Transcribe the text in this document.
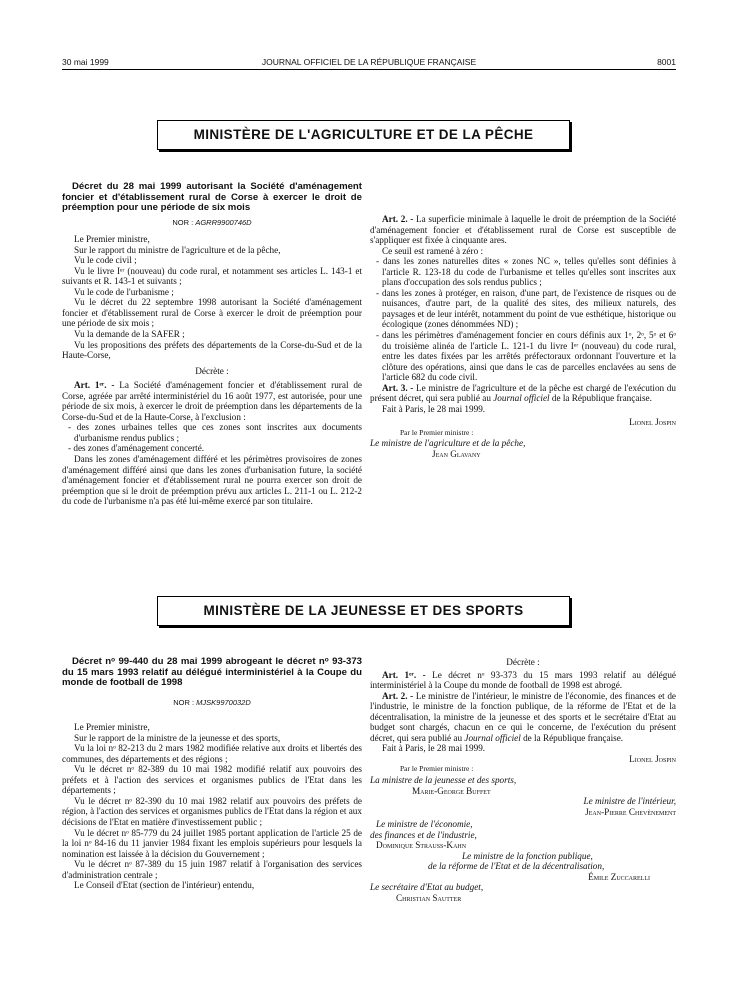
30 mai 1999	JOURNAL OFFICIEL DE LA RÉPUBLIQUE FRANÇAISE	8001
MINISTÈRE DE L'AGRICULTURE ET DE LA PÊCHE

Décret du 28 mai 1999 autorisant la Société d'aménagement foncier et d'établissement rural de Corse à exercer le droit de préemption pour une période de six mois

NOR : AGRR9900746D

Le Premier ministre,

Sur le rapport du ministre de l'agriculture et de la pêche,

Vu le code civil ;

Vu le livre Iᵉʳ (nouveau) du code rural, et notamment ses articles L. 143-1 et suivants et R. 143-1 et suivants ;

Vu le code de l'urbanisme ;

Vu le décret du 22 septembre 1998 autorisant la Société d'aménagement foncier et d'établissement rural de Corse à exercer le droit de préemption pour une période de six mois ;

Vu la demande de la SAFER ;

Vu les propositions des préfets des départements de la Corse-du-Sud et de la Haute-Corse,

Décrète :

Art. 1ᵉʳ. - La Société d'aménagement foncier et d'établissement rural de Corse, agréée par arrêté interministériel du 16 août 1977, est autorisée, pour une période de six mois, à exercer le droit de préemption dans les départements de la Corse-du-Sud et de la Haute-Corse, à l'exclusion :

- des zones urbaines telles que ces zones sont inscrites aux documents d'urbanisme rendus publics ;

- des zones d'aménagement concerté.

Dans les zones d'aménagement différé et les périmètres provisoires de zones d'aménagement différé ainsi que dans les zones d'urbanisation future, la société d'aménagement foncier et d'établissement rural ne pourra exercer son droit de préemption que si le droit de préemption prévu aux articles L. 211-1 ou L. 212-2 du code de l'urbanisme n'a pas été lui-même exercé par son titulaire.

Art. 2. - La superficie minimale à laquelle le droit de préemption de la Société d'aménagement foncier et d'établissement rural de Corse est susceptible de s'appliquer est fixée à cinquante ares.

Ce seuil est ramené à zéro :

- dans les zones naturelles dites « zones NC », telles qu'elles sont définies à l'article R. 123-18 du code de l'urbanisme et telles qu'elles sont inscrites aux plans d'occupation des sols rendus publics ;

- dans les zones à protéger, en raison, d'une part, de l'existence de risques ou de nuisances, d'autre part, de la qualité des sites, des milieux naturels, des paysages et de leur intérêt, notamment du point de vue esthétique, historique ou écologique (zones dénommées ND) ;

- dans les périmètres d'aménagement foncier en cours définis aux 1ᵒ, 2ᵒ, 5ᵒ et 6ᵒ du troisième alinéa de l'article L. 121-1 du livre Iᵉʳ (nouveau) du code rural, entre les dates fixées par les arrêtés préfectoraux ordonnant l'ouverture et la clôture des opérations, ainsi que dans le cas de parcelles enclavées au sens de l'article 682 du code civil.

Art. 3. - Le ministre de l'agriculture et de la pêche est chargé de l'exécution du présent décret, qui sera publié au Journal officiel de la République française.

Fait à Paris, le 28 mai 1999.

Lionel Jospin

Par le Premier ministre :

Le ministre de l'agriculture et de la pêche,

Jean Glavany

MINISTÈRE DE LA JEUNESSE ET DES SPORTS

Décret nᵒ 99-440 du 28 mai 1999 abrogeant le décret nᵒ 93-373 du 15 mars 1993 relatif au délégué interministériel à la Coupe du monde de football de 1998

NOR : MJSK9970032D

Le Premier ministre,

Sur le rapport de la ministre de la jeunesse et des sports,

Vu la loi nᵒ 82-213 du 2 mars 1982 modifiée relative aux droits et libertés des communes, des départements et des régions ;

Vu le décret nᵒ 82-389 du 10 mai 1982 modifié relatif aux pouvoirs des préfets et à l'action des services et organismes publics de l'Etat dans les départements ;

Vu le décret nᵒ 82-390 du 10 mai 1982 relatif aux pouvoirs des préfets de région, à l'action des services et organismes publics de l'Etat dans la région et aux décisions de l'Etat en matière d'investissement public ;

Vu le décret nᵒ 85-779 du 24 juillet 1985 portant application de l'article 25 de la loi nᵒ 84-16 du 11 janvier 1984 fixant les emplois supérieurs pour lesquels la nomination est laissée à la décision du Gouvernement ;

Vu le décret nᵒ 87-389 du 15 juin 1987 relatif à l'organisation des services d'administration centrale ;

Le Conseil d'Etat (section de l'intérieur) entendu,

Décrète :

Art. 1ᵉʳ. - Le décret nᵒ 93-373 du 15 mars 1993 relatif au délégué interministériel à la Coupe du monde de football de 1998 est abrogé.

Art. 2. - Le ministre de l'intérieur, le ministre de l'économie, des finances et de l'industrie, le ministre de la fonction publique, de la réforme de l'Etat et de la décentralisation, la ministre de la jeunesse et des sports et le secrétaire d'Etat au budget sont chargés, chacun en ce qui le concerne, de l'exécution du présent décret, qui sera publié au Journal officiel de la République française.

Fait à Paris, le 28 mai 1999.

Lionel Jospin

Par le Premier ministre :

La ministre de la jeunesse et des sports,

Marie-George Buffet

Le ministre de l'intérieur,

Jean-Pierre Chevènement

Le ministre de l'économie,

des finances et de l'industrie,

Dominique Strauss-Kahn

Le ministre de la fonction publique,

de la réforme de l'Etat et de la décentralisation,

Émile Zuccarelli

Le secrétaire d'Etat au budget,

Christian Sautter
